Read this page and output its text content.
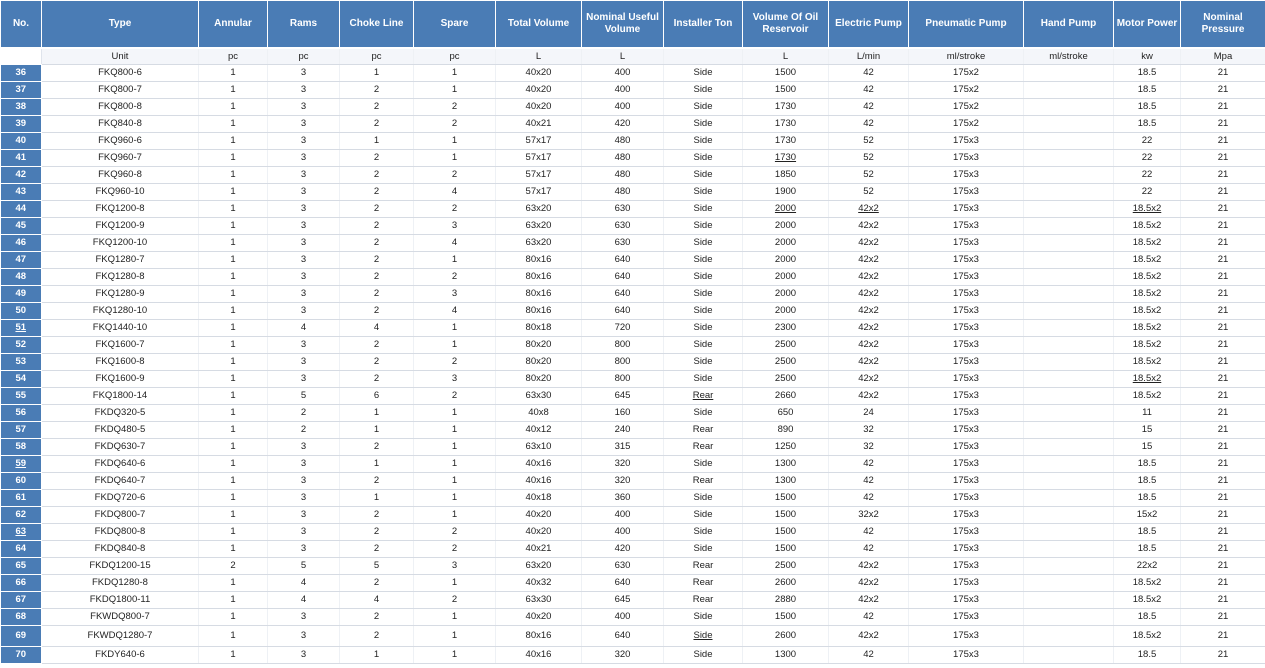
No.	Type	Annular	Rams	Choke Line	Spare	Total Volume	Nominal Useful Volume	Installer Ton	Volume Of Oil Reservoir	Electric Pump	Pneumatic Pump	Hand Pump	Motor Power	Nominal Pressure
	Unit	pc	pc	pc	pc	L	L		L	L/min	ml/stroke	ml/stroke	kw	Mpa
36	FKQ800-6	1	3	1	1	40x20	400	Side	1500	42	175x2		18.5	21
37	FKQ800-7	1	3	2	1	40x20	400	Side	1500	42	175x2		18.5	21
38	FKQ800-8	1	3	2	2	40x20	400	Side	1730	42	175x2		18.5	21
39	FKQ840-8	1	3	2	2	40x21	420	Side	1730	42	175x2		18.5	21
40	FKQ960-6	1	3	1	1	57x17	480	Side	1730	52	175x3		22	21
41	FKQ960-7	1	3	2	1	57x17	480	Side	1730	52	175x3		22	21
42	FKQ960-8	1	3	2	2	57x17	480	Side	1850	52	175x3		22	21
43	FKQ960-10	1	3	2	4	57x17	480	Side	1900	52	175x3		22	21
44	FKQ1200-8	1	3	2	2	63x20	630	Side	2000	42x2	175x3		18.5x2	21
45	FKQ1200-9	1	3	2	3	63x20	630	Side	2000	42x2	175x3		18.5x2	21
46	FKQ1200-10	1	3	2	4	63x20	630	Side	2000	42x2	175x3		18.5x2	21
47	FKQ1280-7	1	3	2	1	80x16	640	Side	2000	42x2	175x3		18.5x2	21
48	FKQ1280-8	1	3	2	2	80x16	640	Side	2000	42x2	175x3		18.5x2	21
49	FKQ1280-9	1	3	2	3	80x16	640	Side	2000	42x2	175x3		18.5x2	21
50	FKQ1280-10	1	3	2	4	80x16	640	Side	2000	42x2	175x3		18.5x2	21
51	FKQ1440-10	1	4	4	1	80x18	720	Side	2300	42x2	175x3		18.5x2	21
52	FKQ1600-7	1	3	2	1	80x20	800	Side	2500	42x2	175x3		18.5x2	21
53	FKQ1600-8	1	3	2	2	80x20	800	Side	2500	42x2	175x3		18.5x2	21
54	FKQ1600-9	1	3	2	3	80x20	800	Side	2500	42x2	175x3		18.5x2	21
55	FKQ1800-14	1	5	6	2	63x30	645	Rear	2660	42x2	175x3		18.5x2	21
56	FKDQ320-5	1	2	1	1	40x8	160	Side	650	24	175x3		11	21
57	FKDQ480-5	1	2	1	1	40x12	240	Rear	890	32	175x3		15	21
58	FKDQ630-7	1	3	2	1	63x10	315	Rear	1250	32	175x3		15	21
59	FKDQ640-6	1	3	1	1	40x16	320	Side	1300	42	175x3		18.5	21
60	FKDQ640-7	1	3	2	1	40x16	320	Rear	1300	42	175x3		18.5	21
61	FKDQ720-6	1	3	1	1	40x18	360	Side	1500	42	175x3		18.5	21
62	FKDQ800-7	1	3	2	1	40x20	400	Side	1500	32x2	175x3		15x2	21
63	FKDQ800-8	1	3	2	2	40x20	400	Side	1500	42	175x3		18.5	21
64	FKDQ840-8	1	3	2	2	40x21	420	Side	1500	42	175x3		18.5	21
65	FKDQ1200-15	2	5	5	3	63x20	630	Rear	2500	42x2	175x3		22x2	21
66	FKDQ1280-8	1	4	2	1	40x32	640	Rear	2600	42x2	175x3		18.5x2	21
67	FKDQ1800-11	1	4	4	2	63x30	645	Rear	2880	42x2	175x3		18.5x2	21
68	FKWDQ800-7	1	3	2	1	40x20	400	Side	1500	42	175x3		18.5	21
69	FKWDQ1280-7	1	3	2	1	80x16	640	Side	2600	42x2	175x3		18.5x2	21
70	FKDY640-6	1	3	1	1	40x16	320	Side	1300	42	175x3		18.5	21
